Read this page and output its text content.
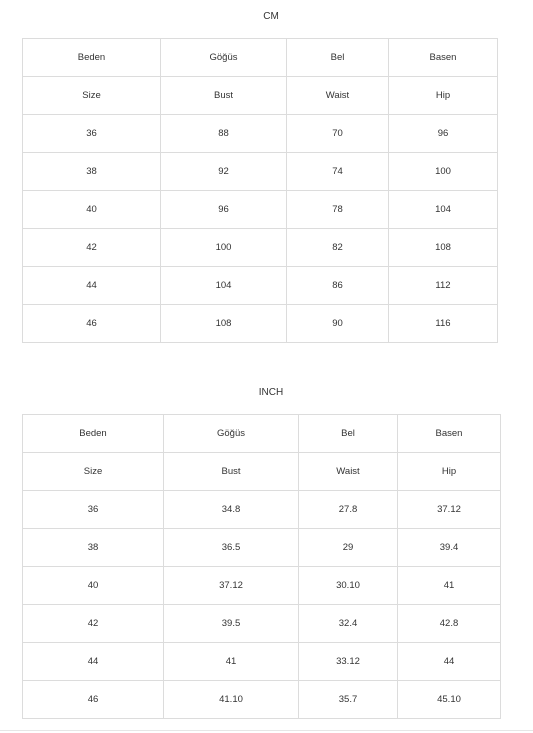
CM
Beden	Göğüs	Bel	Basen
Size	Bust	Waist	Hip
36	88	70	96
38	92	74	100
40	96	78	104
42	100	82	108
44	104	86	112
46	108	90	116
INCH
Beden	Göğüs	Bel	Basen
Size	Bust	Waist	Hip
36	34.8	27.8	37.12
38	36.5	29	39.4
40	37.12	30.10	41
42	39.5	32.4	42.8
44	41	33.12	44
46	41.10	35.7	45.10
